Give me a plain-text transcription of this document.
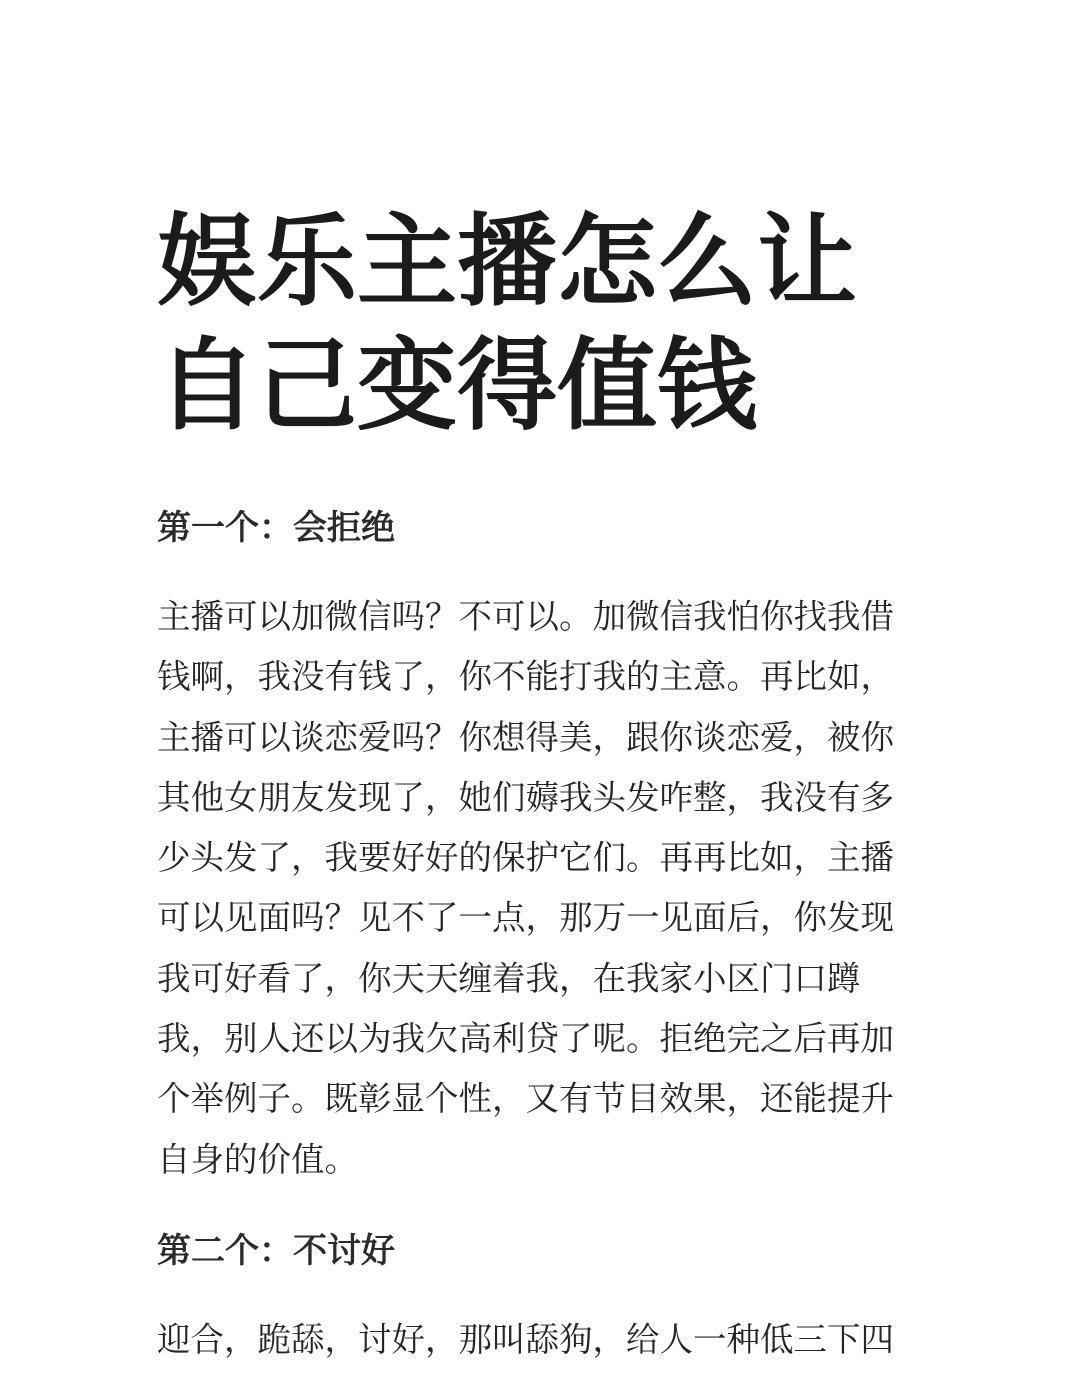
娱乐主播怎么让
自己变得值钱
第一个：会拒绝

主播可以加微信吗？不可以。加微信我怕你找我借
钱啊，我没有钱了，你不能打我的主意。再比如，
主播可以谈恋爱吗？你想得美，跟你谈恋爱，被你
其他女朋友发现了，她们薅我头发咋整，我没有多
少头发了，我要好好的保护它们。再再比如，主播
可以见面吗？见不了一点，那万一见面后，你发现
我可好看了，你天天缠着我，在我家小区门口蹲
我，别人还以为我欠高利贷了呢。拒绝完之后再加
个举例子。既彰显个性，又有节目效果，还能提升
自身的价值。

第二个：不讨好

迎合，跪舔，讨好，那叫舔狗，给人一种低三下四
